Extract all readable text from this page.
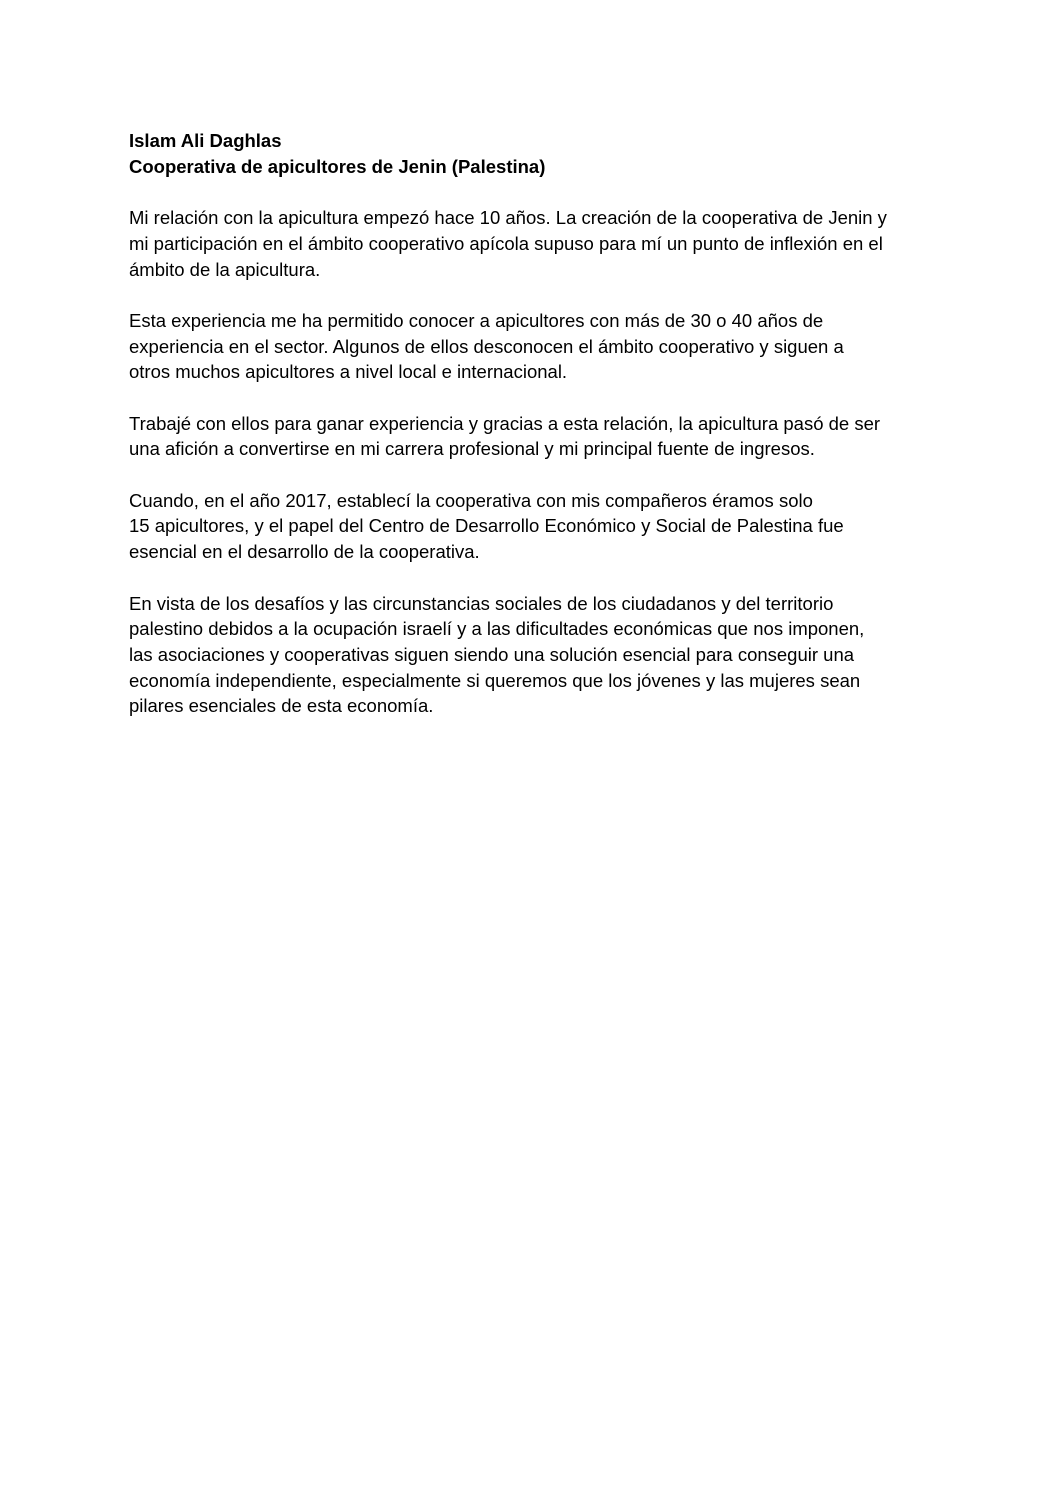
Islam Ali Daghlas
Cooperativa de apicultores de Jenin (Palestina)
Mi relación con la apicultura empezó hace 10 años. La creación de la cooperativa de Jenin y
mi participación en el ámbito cooperativo apícola supuso para mí un punto de inflexión en el
ámbito de la apicultura.
Esta experiencia me ha permitido conocer a apicultores con más de 30 o 40 años de
experiencia en el sector. Algunos de ellos desconocen el ámbito cooperativo y siguen a
otros muchos apicultores a nivel local e internacional.
Trabajé con ellos para ganar experiencia y gracias a esta relación, la apicultura pasó de ser
una afición a convertirse en mi carrera profesional y mi principal fuente de ingresos.
Cuando, en el año 2017, establecí la cooperativa con mis compañeros éramos solo
15 apicultores, y el papel del Centro de Desarrollo Económico y Social de Palestina fue
esencial en el desarrollo de la cooperativa.
En vista de los desafíos y las circunstancias sociales de los ciudadanos y del territorio
palestino debidos a la ocupación israelí y a las dificultades económicas que nos imponen,
las asociaciones y cooperativas siguen siendo una solución esencial para conseguir una
economía independiente, especialmente si queremos que los jóvenes y las mujeres sean
pilares esenciales de esta economía.
